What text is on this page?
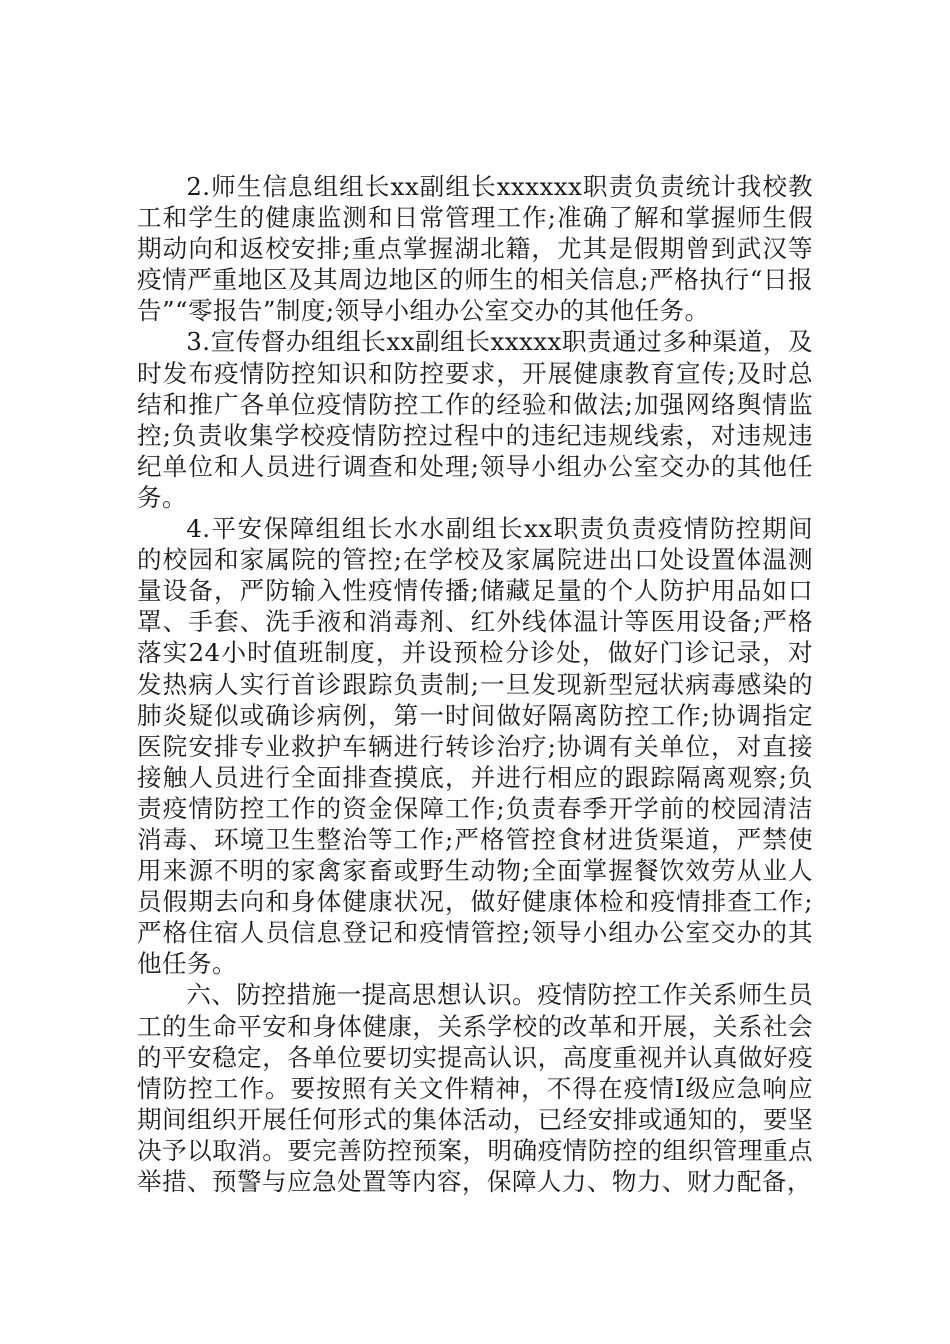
2.师生信息组组长xx副组长xxxxxx职责负责统计我校教工和学生的健康监测和日常管理工作;准确了解和掌握师生假期动向和返校安排;重点掌握湖北籍，尤其是假期曾到武汉等疫情严重地区及其周边地区的师生的相关信息;严格执行“日报告”“零报告”制度;领导小组办公室交办的其他任务。

3.宣传督办组组长xx副组长xxxxx职责通过多种渠道，及时发布疫情防控知识和防控要求，开展健康教育宣传;及时总结和推广各单位疫情防控工作的经验和做法;加强网络舆情监控;负责收集学校疫情防控过程中的违纪违规线索，对违规违纪单位和人员进行调查和处理;领导小组办公室交办的其他任务。

4.平安保障组组长水水副组长xx职责负责疫情防控期间的校园和家属院的管控;在学校及家属院进出口处设置体温测量设备，严防输入性疫情传播;储藏足量的个人防护用品如口罩、手套、洗手液和消毒剂、红外线体温计等医用设备;严格落实24小时值班制度，并设预检分诊处，做好门诊记录，对发热病人实行首诊跟踪负责制;一旦发现新型冠状病毒感染的肺炎疑似或确诊病例，第一时间做好隔离防控工作;协调指定医院安排专业救护车辆进行转诊治疗;协调有关单位，对直接接触人员进行全面排查摸底，并进行相应的跟踪隔离观察;负责疫情防控工作的资金保障工作;负责春季开学前的校园清洁消毒、环境卫生整治等工作;严格管控食材进货渠道，严禁使用来源不明的家禽家畜或野生动物;全面掌握餐饮效劳从业人员假期去向和身体健康状况，做好健康体检和疫情排查工作;严格住宿人员信息登记和疫情管控;领导小组办公室交办的其他任务。

六、防控措施一提高思想认识。疫情防控工作关系师生员工的生命平安和身体健康，关系学校的改革和开展，关系社会的平安稳定，各单位要切实提高认识，高度重视并认真做好疫情防控工作。要按照有关文件精神，不得在疫情Ⅰ级应急响应期间组织开展任何形式的集体活动，已经安排或通知的，要坚决予以取消。要完善防控预案，明确疫情防控的组织管理重点举措、预警与应急处置等内容，保障人力、物力、财力配备，
